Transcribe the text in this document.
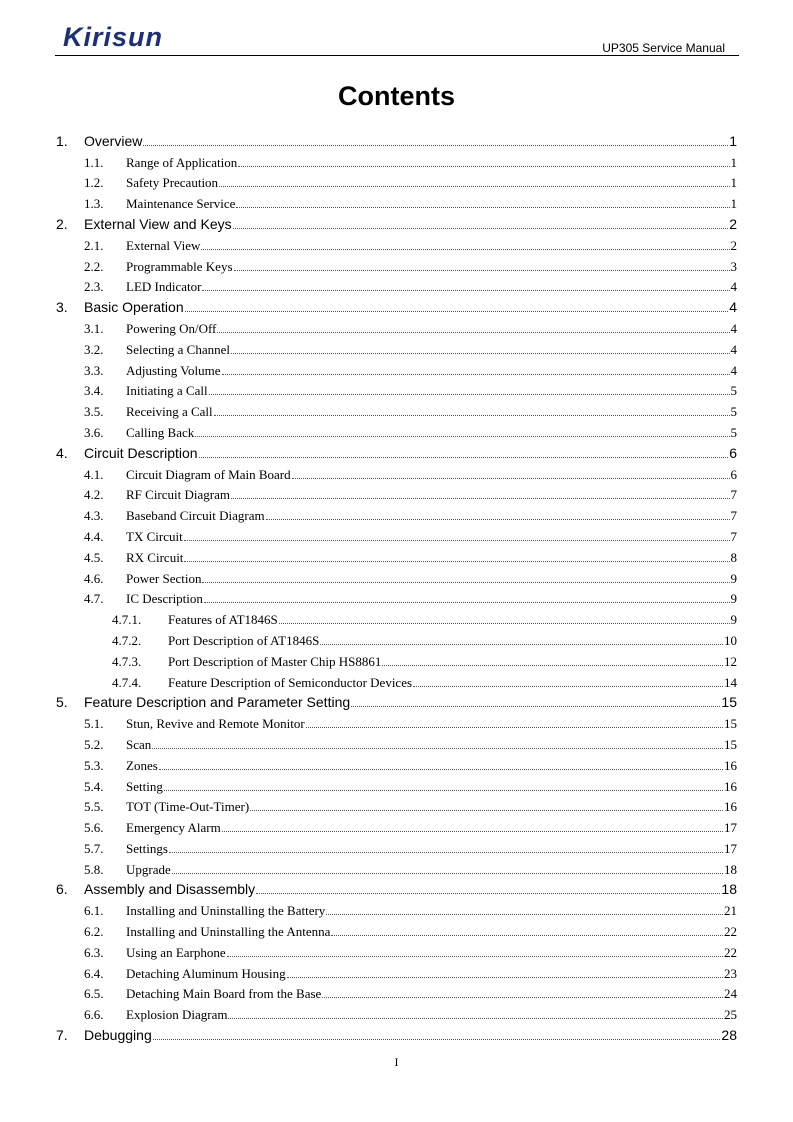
Kirisun	UP305 Service Manual
Contents
1.	Overview	1
1.1.	Range of Application	1
1.2.	Safety Precaution	1
1.3.	Maintenance Service	1
2.	External View and Keys	2
2.1.	External View	2
2.2.	Programmable Keys	3
2.3.	LED Indicator	4
3.	Basic Operation	4
3.1.	Powering On/Off	4
3.2.	Selecting a Channel	4
3.3.	Adjusting Volume	4
3.4.	Initiating a Call	5
3.5.	Receiving a Call	5
3.6.	Calling Back	5
4.	Circuit Description	6
4.1.	Circuit Diagram of Main Board	6
4.2.	RF Circuit Diagram	7
4.3.	Baseband Circuit Diagram	7
4.4.	TX Circuit	7
4.5.	RX Circuit	8
4.6.	Power Section	9
4.7.	IC Description	9
4.7.1.	Features of AT1846S	9
4.7.2.	Port Description of AT1846S	10
4.7.3.	Port Description of Master Chip HS8861	12
4.7.4.	Feature Description of Semiconductor Devices	14
5.	Feature Description and Parameter Setting	15
5.1.	Stun, Revive and Remote Monitor	15
5.2.	Scan	15
5.3.	Zones	16
5.4.	Setting	16
5.5.	TOT (Time-Out-Timer)	16
5.6.	Emergency Alarm	17
5.7.	Settings	17
5.8.	Upgrade	18
6.	Assembly and Disassembly	18
6.1.	Installing and Uninstalling the Battery	21
6.2.	Installing and Uninstalling the Antenna	22
6.3.	Using an Earphone	22
6.4.	Detaching Aluminum Housing	23
6.5.	Detaching Main Board from the Base	24
6.6.	Explosion Diagram	25
7.	Debugging	28
I
